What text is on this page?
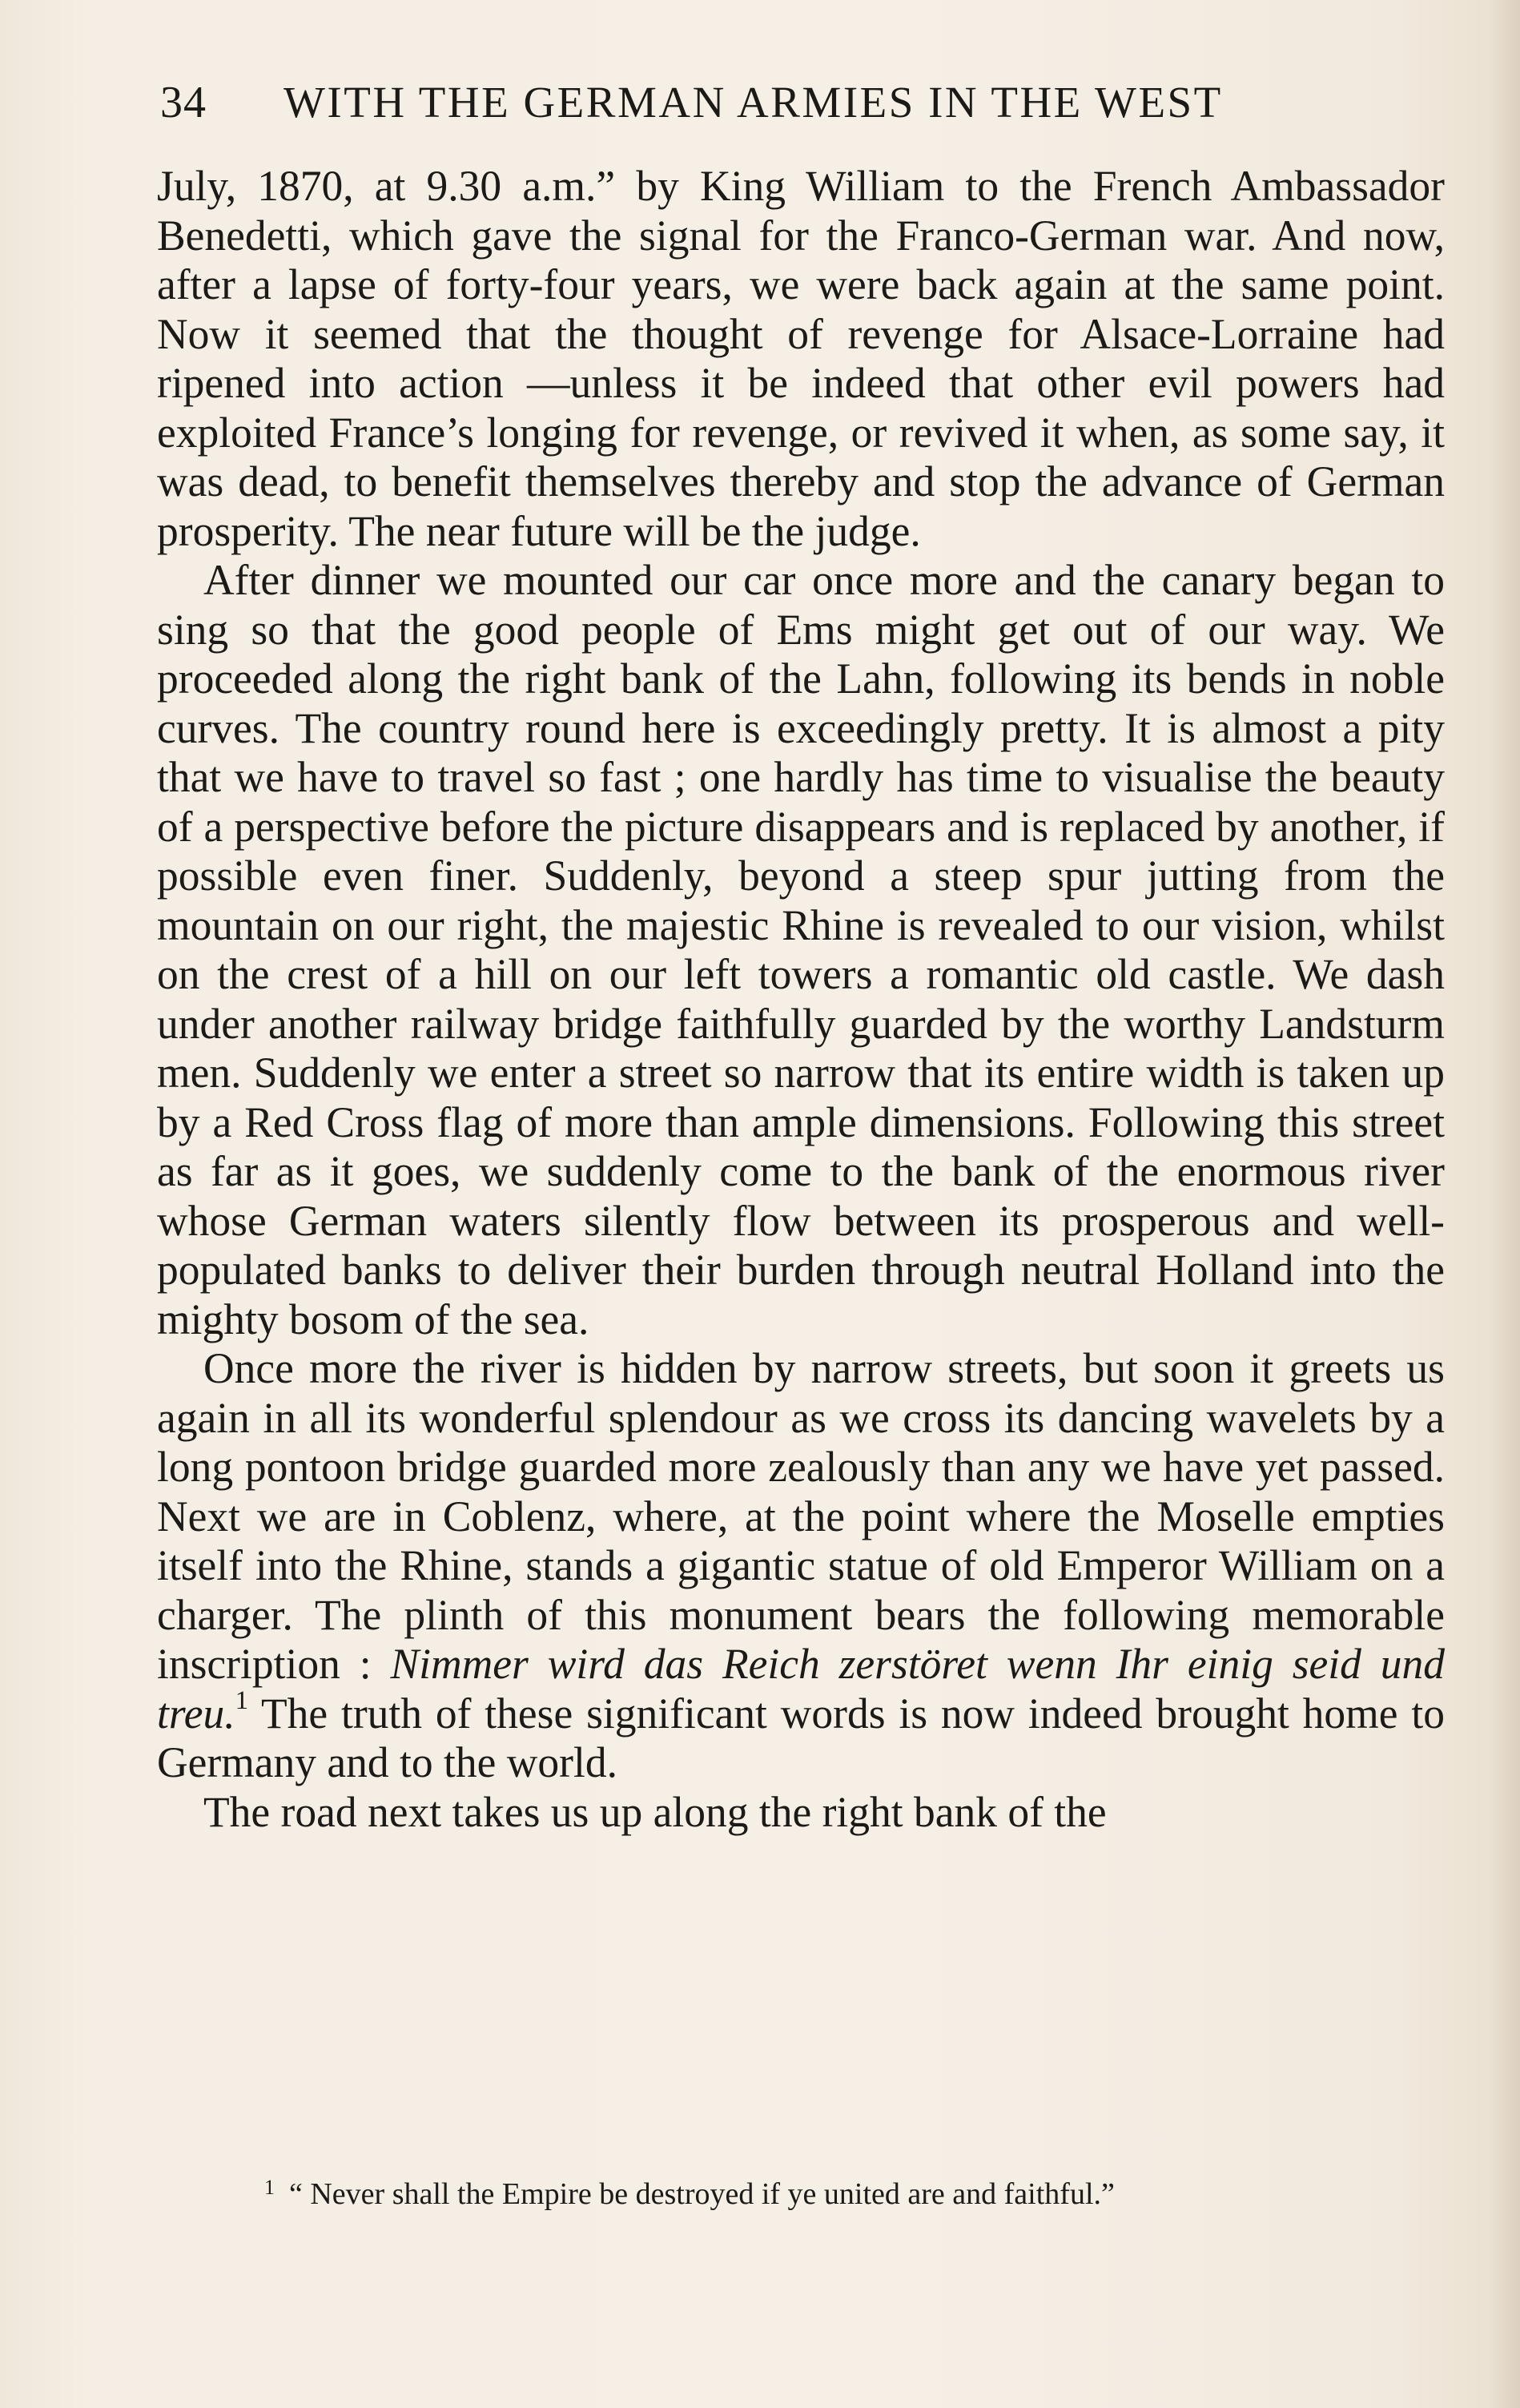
34 WITH THE GERMAN ARMIES IN THE WEST

July, 1870, at 9.30 a.m.” by King William to the French Ambassador Benedetti, which gave the signal for the Franco-German war. And now, after a lapse of forty-four years, we were back again at the same point. Now it seemed that the thought of revenge for Alsace-Lorraine had ripened into action —unless it be indeed that other evil powers had exploited France’s longing for revenge, or revived it when, as some say, it was dead, to benefit themselves thereby and stop the advance of German prosperity. The near future will be the judge.

After dinner we mounted our car once more and the canary began to sing so that the good people of Ems might get out of our way. We proceeded along the right bank of the Lahn, following its bends in noble curves. The country round here is exceedingly pretty. It is almost a pity that we have to travel so fast ; one hardly has time to visualise the beauty of a perspective before the picture disappears and is replaced by another, if possible even finer. Suddenly, beyond a steep spur jutting from the mountain on our right, the majestic Rhine is revealed to our vision, whilst on the crest of a hill on our left towers a romantic old castle. We dash under another railway bridge faithfully guarded by the worthy Landsturm men. Suddenly we enter a street so narrow that its entire width is taken up by a Red Cross flag of more than ample dimensions. Following this street as far as it goes, we suddenly come to the bank of the enormous river whose German waters silently flow between its prosperous and well-populated banks to deliver their burden through neutral Holland into the mighty bosom of the sea.

Once more the river is hidden by narrow streets, but soon it greets us again in all its wonderful splendour as we cross its dancing wavelets by a long pontoon bridge guarded more zealously than any we have yet passed. Next we are in Coblenz, where, at the point where the Moselle empties itself into the Rhine, stands a gigantic statue of old Emperor William on a charger. The plinth of this monument bears the following memorable inscription : Nimmer wird das Reich zerstöret wenn Ihr einig seid und treu.$^1$ The truth of these significant words is now indeed brought home to Germany and to the world.

The road next takes us up along the right bank of the

$^1$ “ Never shall the Empire be destroyed if ye united are and faithful.”
